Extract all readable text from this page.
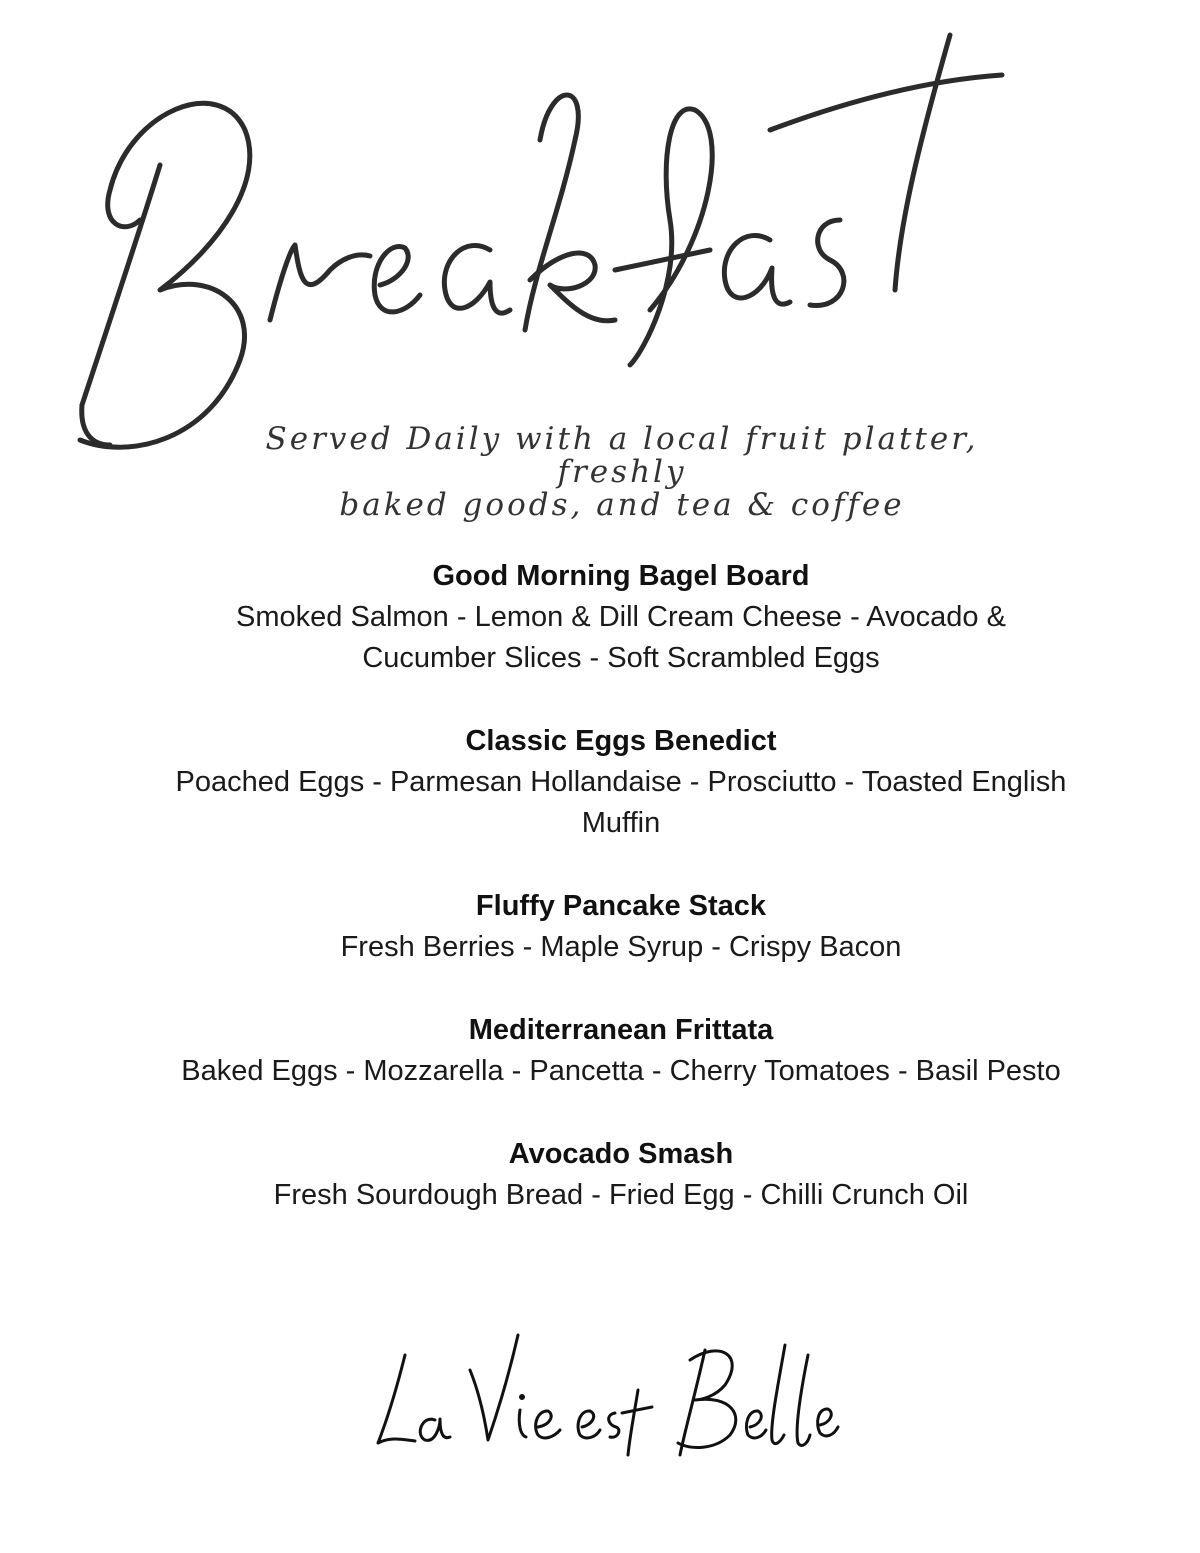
Served Daily with a local fruit platter, freshly
baked goods, and tea & coffee
Good Morning Bagel Board
Smoked Salmon - Lemon & Dill Cream Cheese - Avocado &
Cucumber Slices - Soft Scrambled Eggs
Classic Eggs Benedict
Poached Eggs - Parmesan Hollandaise - Prosciutto - Toasted English
Muffin
Fluffy Pancake Stack
Fresh Berries - Maple Syrup - Crispy Bacon
Mediterranean Frittata
Baked Eggs - Mozzarella - Pancetta - Cherry Tomatoes - Basil Pesto
Avocado Smash
Fresh Sourdough Bread - Fried Egg - Chilli Crunch Oil
